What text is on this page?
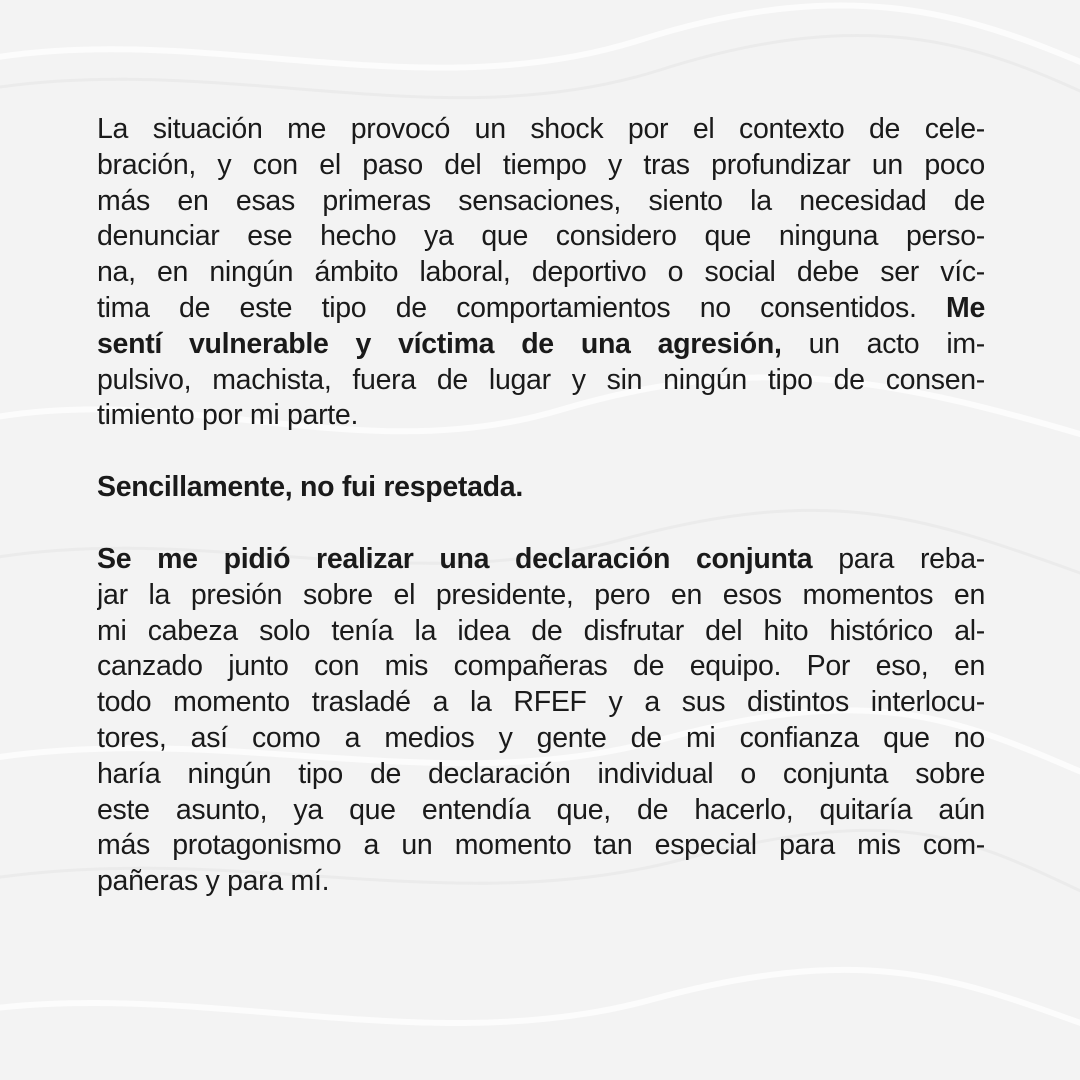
La situación me provocó un shock por el contexto de cele-
bración, y con el paso del tiempo y tras profundizar un poco
más en esas primeras sensaciones, siento la necesidad de
denunciar ese hecho ya que considero que ninguna perso-
na, en ningún ámbito laboral, deportivo o social debe ser víc-
tima de este tipo de comportamientos no consentidos. Me
sentí vulnerable y víctima de una agresión, un acto im-
pulsivo, machista, fuera de lugar y sin ningún tipo de consen-
timiento por mi parte.
Sencillamente, no fui respetada.
Se me pidió realizar una declaración conjunta para reba-
jar la presión sobre el presidente, pero en esos momentos en
mi cabeza solo tenía la idea de disfrutar del hito histórico al-
canzado junto con mis compañeras de equipo. Por eso, en
todo momento trasladé a la RFEF y a sus distintos interlocu-
tores, así como a medios y gente de mi confianza que no
haría ningún tipo de declaración individual o conjunta sobre
este asunto, ya que entendía que, de hacerlo, quitaría aún
más protagonismo a un momento tan especial para mis com-
pañeras y para mí.
